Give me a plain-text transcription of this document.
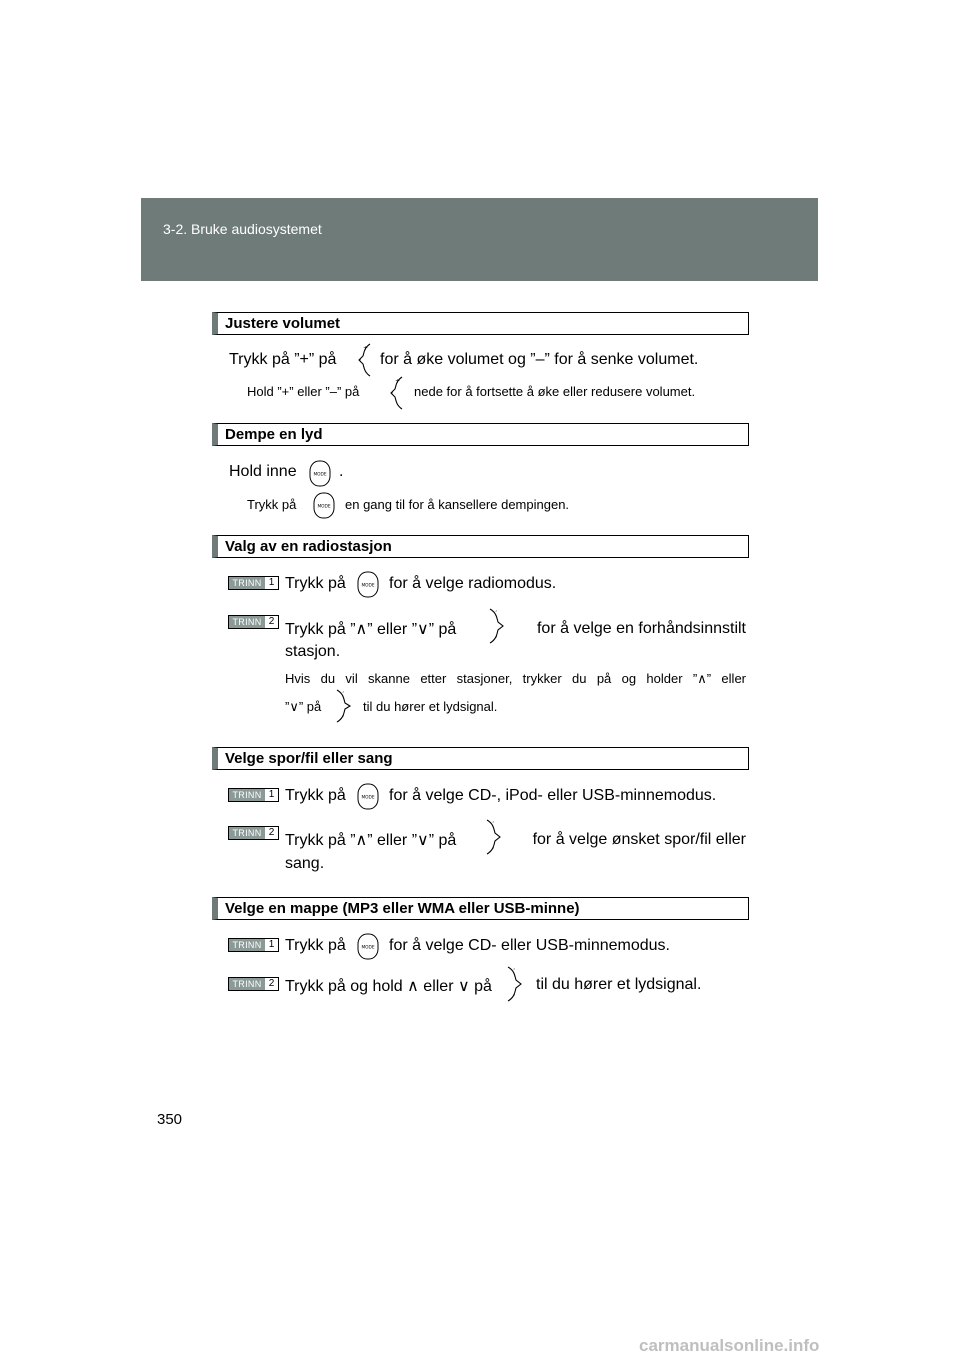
3-2. Bruke audiosystemet
Justere volumet
Trykk på ”+” på
+
‹ for å øke volumet og ”–” for å senke volumet.
Hold ”+” eller ”–” på
+
‹ nede for å fortsette å øke eller redusere volumet.
Dempe en lyd
Hold inne	MODE .
Trykk på	MODE en gang til for å kansellere dempingen.
Valg av en radiostasjon
TRINN 1 Trykk på	MODE for å velge radiomodus.
TRINN 2 Trykk på ”∧” eller ”∨” på
ˆ
ˇ
for å velge en forhåndsinnstilt
stasjon.
Hvis du vil skanne etter stasjoner, trykker du på og holder ”∧” eller
”∨” på
ˆ
ˇ
til du hører et lydsignal.
Velge spor/fil eller sang
TRINN 1 Trykk på	MODE for å velge CD-, iPod- eller USB-minnemodus.
TRINN 2 Trykk på ”∧” eller ”∨” på
ˆ
ˇ
for å velge ønsket spor/fil eller
sang.
Velge en mappe (MP3 eller WMA eller USB-minne)
TRINN 1 Trykk på	MODE for å velge CD- eller USB-minnemodus.
TRINN 2 Trykk på og hold ∧ eller ∨ på
ˆ
ˇ
til du hører et lydsignal.
350
carmanualsonline.info
